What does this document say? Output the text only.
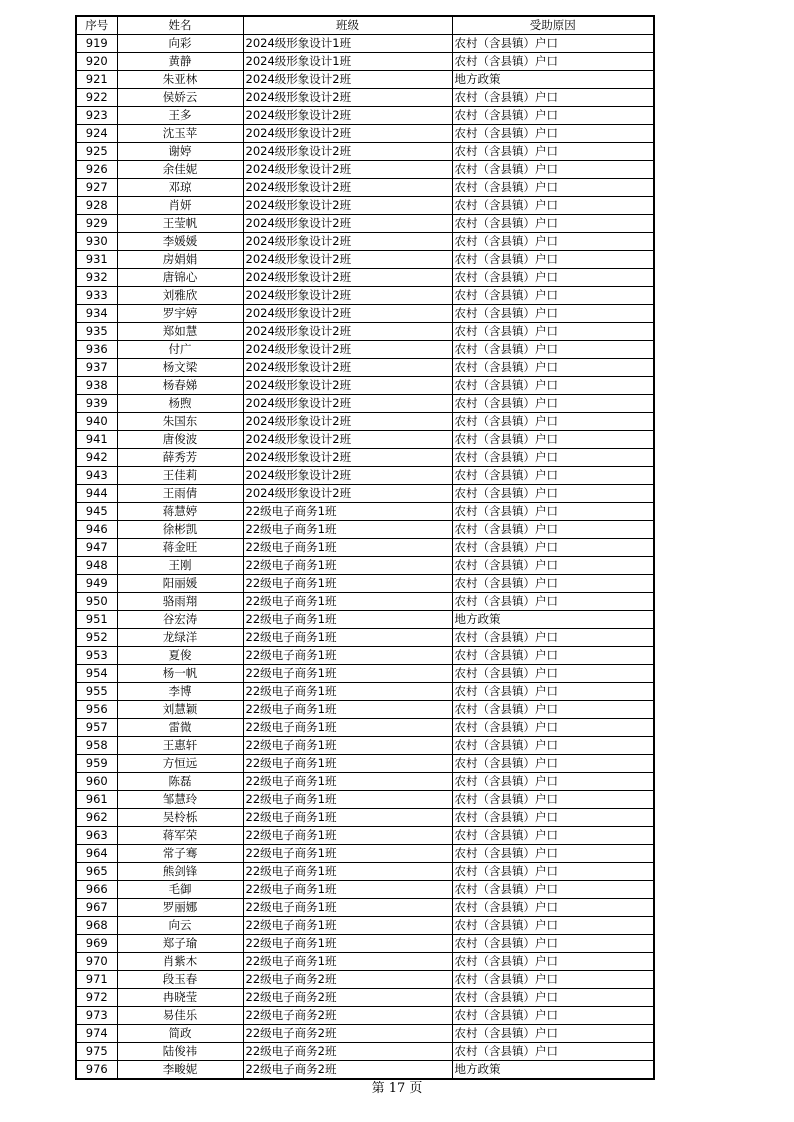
序号	姓名	班级	受助原因
919	向彩	2024级形象设计1班	农村（含县镇）户口
920	黄静	2024级形象设计1班	农村（含县镇）户口
921	朱亚林	2024级形象设计2班	地方政策
922	侯娇云	2024级形象设计2班	农村（含县镇）户口
923	王多	2024级形象设计2班	农村（含县镇）户口
924	沈玉苹	2024级形象设计2班	农村（含县镇）户口
925	谢婷	2024级形象设计2班	农村（含县镇）户口
926	余佳妮	2024级形象设计2班	农村（含县镇）户口
927	邓琼	2024级形象设计2班	农村（含县镇）户口
928	肖妍	2024级形象设计2班	农村（含县镇）户口
929	王莹帆	2024级形象设计2班	农村（含县镇）户口
930	李媛媛	2024级形象设计2班	农村（含县镇）户口
931	房娟娟	2024级形象设计2班	农村（含县镇）户口
932	唐锦心	2024级形象设计2班	农村（含县镇）户口
933	刘雅欣	2024级形象设计2班	农村（含县镇）户口
934	罗宇婷	2024级形象设计2班	农村（含县镇）户口
935	郑如慧	2024级形象设计2班	农村（含县镇）户口
936	付广	2024级形象设计2班	农村（含县镇）户口
937	杨文梁	2024级形象设计2班	农村（含县镇）户口
938	杨春娣	2024级形象设计2班	农村（含县镇）户口
939	杨煦	2024级形象设计2班	农村（含县镇）户口
940	朱国东	2024级形象设计2班	农村（含县镇）户口
941	唐俊波	2024级形象设计2班	农村（含县镇）户口
942	薛秀芳	2024级形象设计2班	农村（含县镇）户口
943	王佳莉	2024级形象设计2班	农村（含县镇）户口
944	王雨倩	2024级形象设计2班	农村（含县镇）户口
945	蒋慧婷	22级电子商务1班	农村（含县镇）户口
946	徐彬凯	22级电子商务1班	农村（含县镇）户口
947	蒋金旺	22级电子商务1班	农村（含县镇）户口
948	王刚	22级电子商务1班	农村（含县镇）户口
949	阳丽媛	22级电子商务1班	农村（含县镇）户口
950	骆雨翔	22级电子商务1班	农村（含县镇）户口
951	谷宏涛	22级电子商务1班	地方政策
952	龙绿洋	22级电子商务1班	农村（含县镇）户口
953	夏俊	22级电子商务1班	农村（含县镇）户口
954	杨一帆	22级电子商务1班	农村（含县镇）户口
955	李博	22级电子商务1班	农村（含县镇）户口
956	刘慧颖	22级电子商务1班	农村（含县镇）户口
957	雷微	22级电子商务1班	农村（含县镇）户口
958	王惠轩	22级电子商务1班	农村（含县镇）户口
959	方恒远	22级电子商务1班	农村（含县镇）户口
960	陈磊	22级电子商务1班	农村（含县镇）户口
961	邹慧玲	22级电子商务1班	农村（含县镇）户口
962	吴柃栎	22级电子商务1班	农村（含县镇）户口
963	蒋军荣	22级电子商务1班	农村（含县镇）户口
964	常子骞	22级电子商务1班	农村（含县镇）户口
965	熊剑锋	22级电子商务1班	农村（含县镇）户口
966	毛御	22级电子商务1班	农村（含县镇）户口
967	罗丽娜	22级电子商务1班	农村（含县镇）户口
968	向云	22级电子商务1班	农村（含县镇）户口
969	郑子瑜	22级电子商务1班	农村（含县镇）户口
970	肖紫木	22级电子商务1班	农村（含县镇）户口
971	段玉春	22级电子商务2班	农村（含县镇）户口
972	冉晓莹	22级电子商务2班	农村（含县镇）户口
973	易佳乐	22级电子商务2班	农村（含县镇）户口
974	简政	22级电子商务2班	农村（含县镇）户口
975	陆俊祎	22级电子商务2班	农村（含县镇）户口
976	李畯妮	22级电子商务2班	地方政策
第 17 页
